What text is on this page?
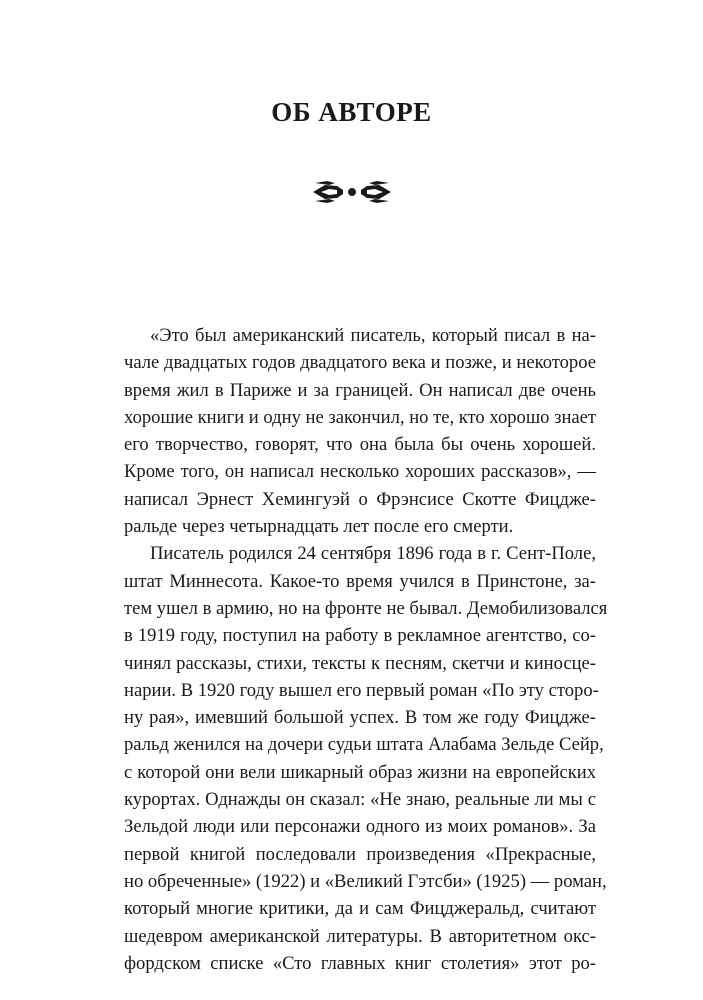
ОБ АВТОРЕ
«Это был американский писатель, который писал в на-
чале двадцатых годов двадцатого века и позже, и некоторое
время жил в Париже и за границей. Он написал две очень
хорошие книги и одну не закончил, но те, кто хорошо знает
его творчество, говорят, что она была бы очень хорошей.
Кроме того, он написал несколько хороших рассказов», —
написал Эрнест Хемингуэй о Фрэнсисе Скотте Фицдже-
ральде через четырнадцать лет после его смерти.
Писатель родился 24 сентября 1896 года в г. Сент-Поле,
штат Миннесота. Какое-то время учился в Принстоне, за-
тем ушел в армию, но на фронте не бывал. Демобилизовался
в 1919 году, поступил на работу в рекламное агентство, со-
чинял рассказы, стихи, тексты к песням, скетчи и киносце-
нарии. В 1920 году вышел его первый роман «По эту сторо-
ну рая», имевший большой успех. В том же году Фицдже-
ральд женился на дочери судьи штата Алабама Зельде Сейр,
с которой они вели шикарный образ жизни на европейских
курортах. Однажды он сказал: «Не знаю, реальные ли мы с
Зельдой люди или персонажи одного из моих романов». За
первой книгой последовали произведения «Прекрасные,
но обреченные» (1922) и «Великий Гэтсби» (1925) — роман,
который многие критики, да и сам Фицджеральд, считают
шедевром американской литературы. В авторитетном окс-
фордском списке «Сто главных книг столетия» этот ро-
